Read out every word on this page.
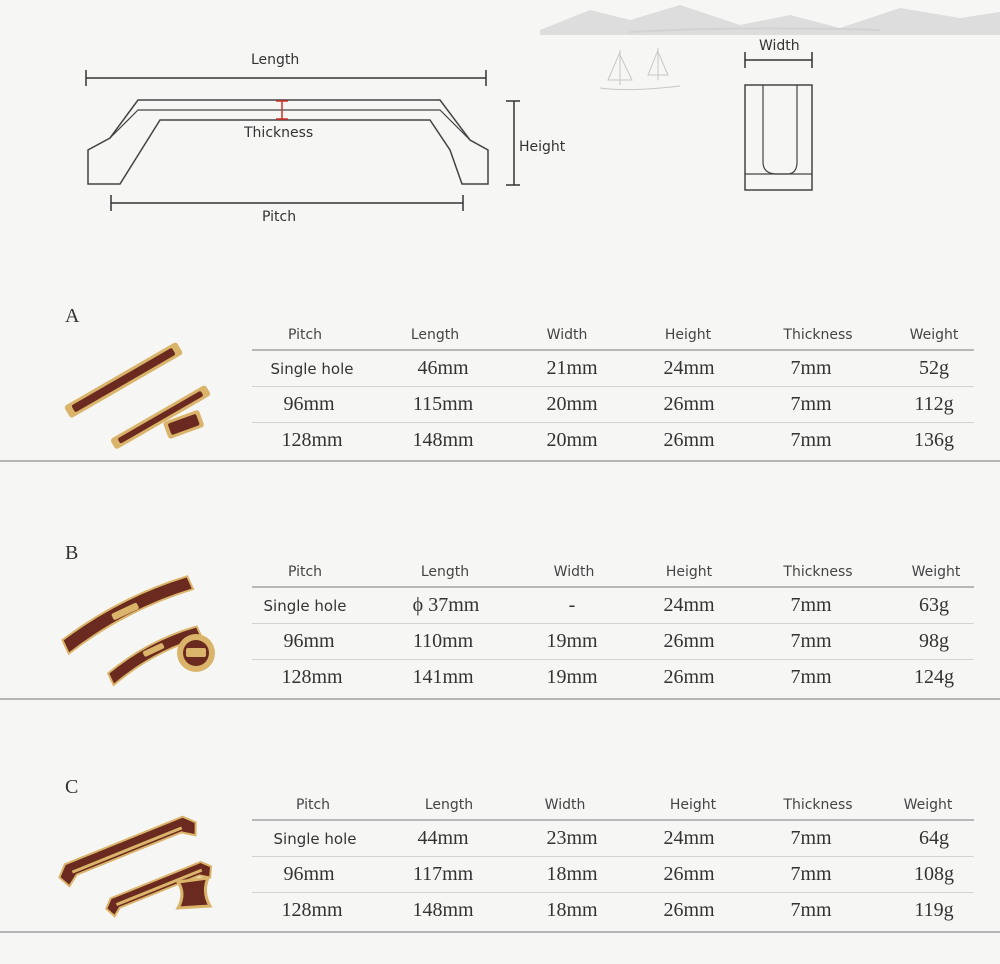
Length
Thickness
Height
Pitch
Width
A
Pitch	Length	Width	Height	Thickness	Weight
Single hole	46mm	21mm	24mm	7mm	52g
96mm	115mm	20mm	26mm	7mm	112g
128mm	148mm	20mm	26mm	7mm	136g
B
Pitch	Length	Width	Height	Thickness	Weight
Single hole	ϕ 37mm	-	24mm	7mm	63g
96mm	110mm	19mm	26mm	7mm	98g
128mm	141mm	19mm	26mm	7mm	124g
C
Pitch	Length	Width	Height	Thickness	Weight
Single hole	44mm	23mm	24mm	7mm	64g
96mm	117mm	18mm	26mm	7mm	108g
128mm	148mm	18mm	26mm	7mm	119g
